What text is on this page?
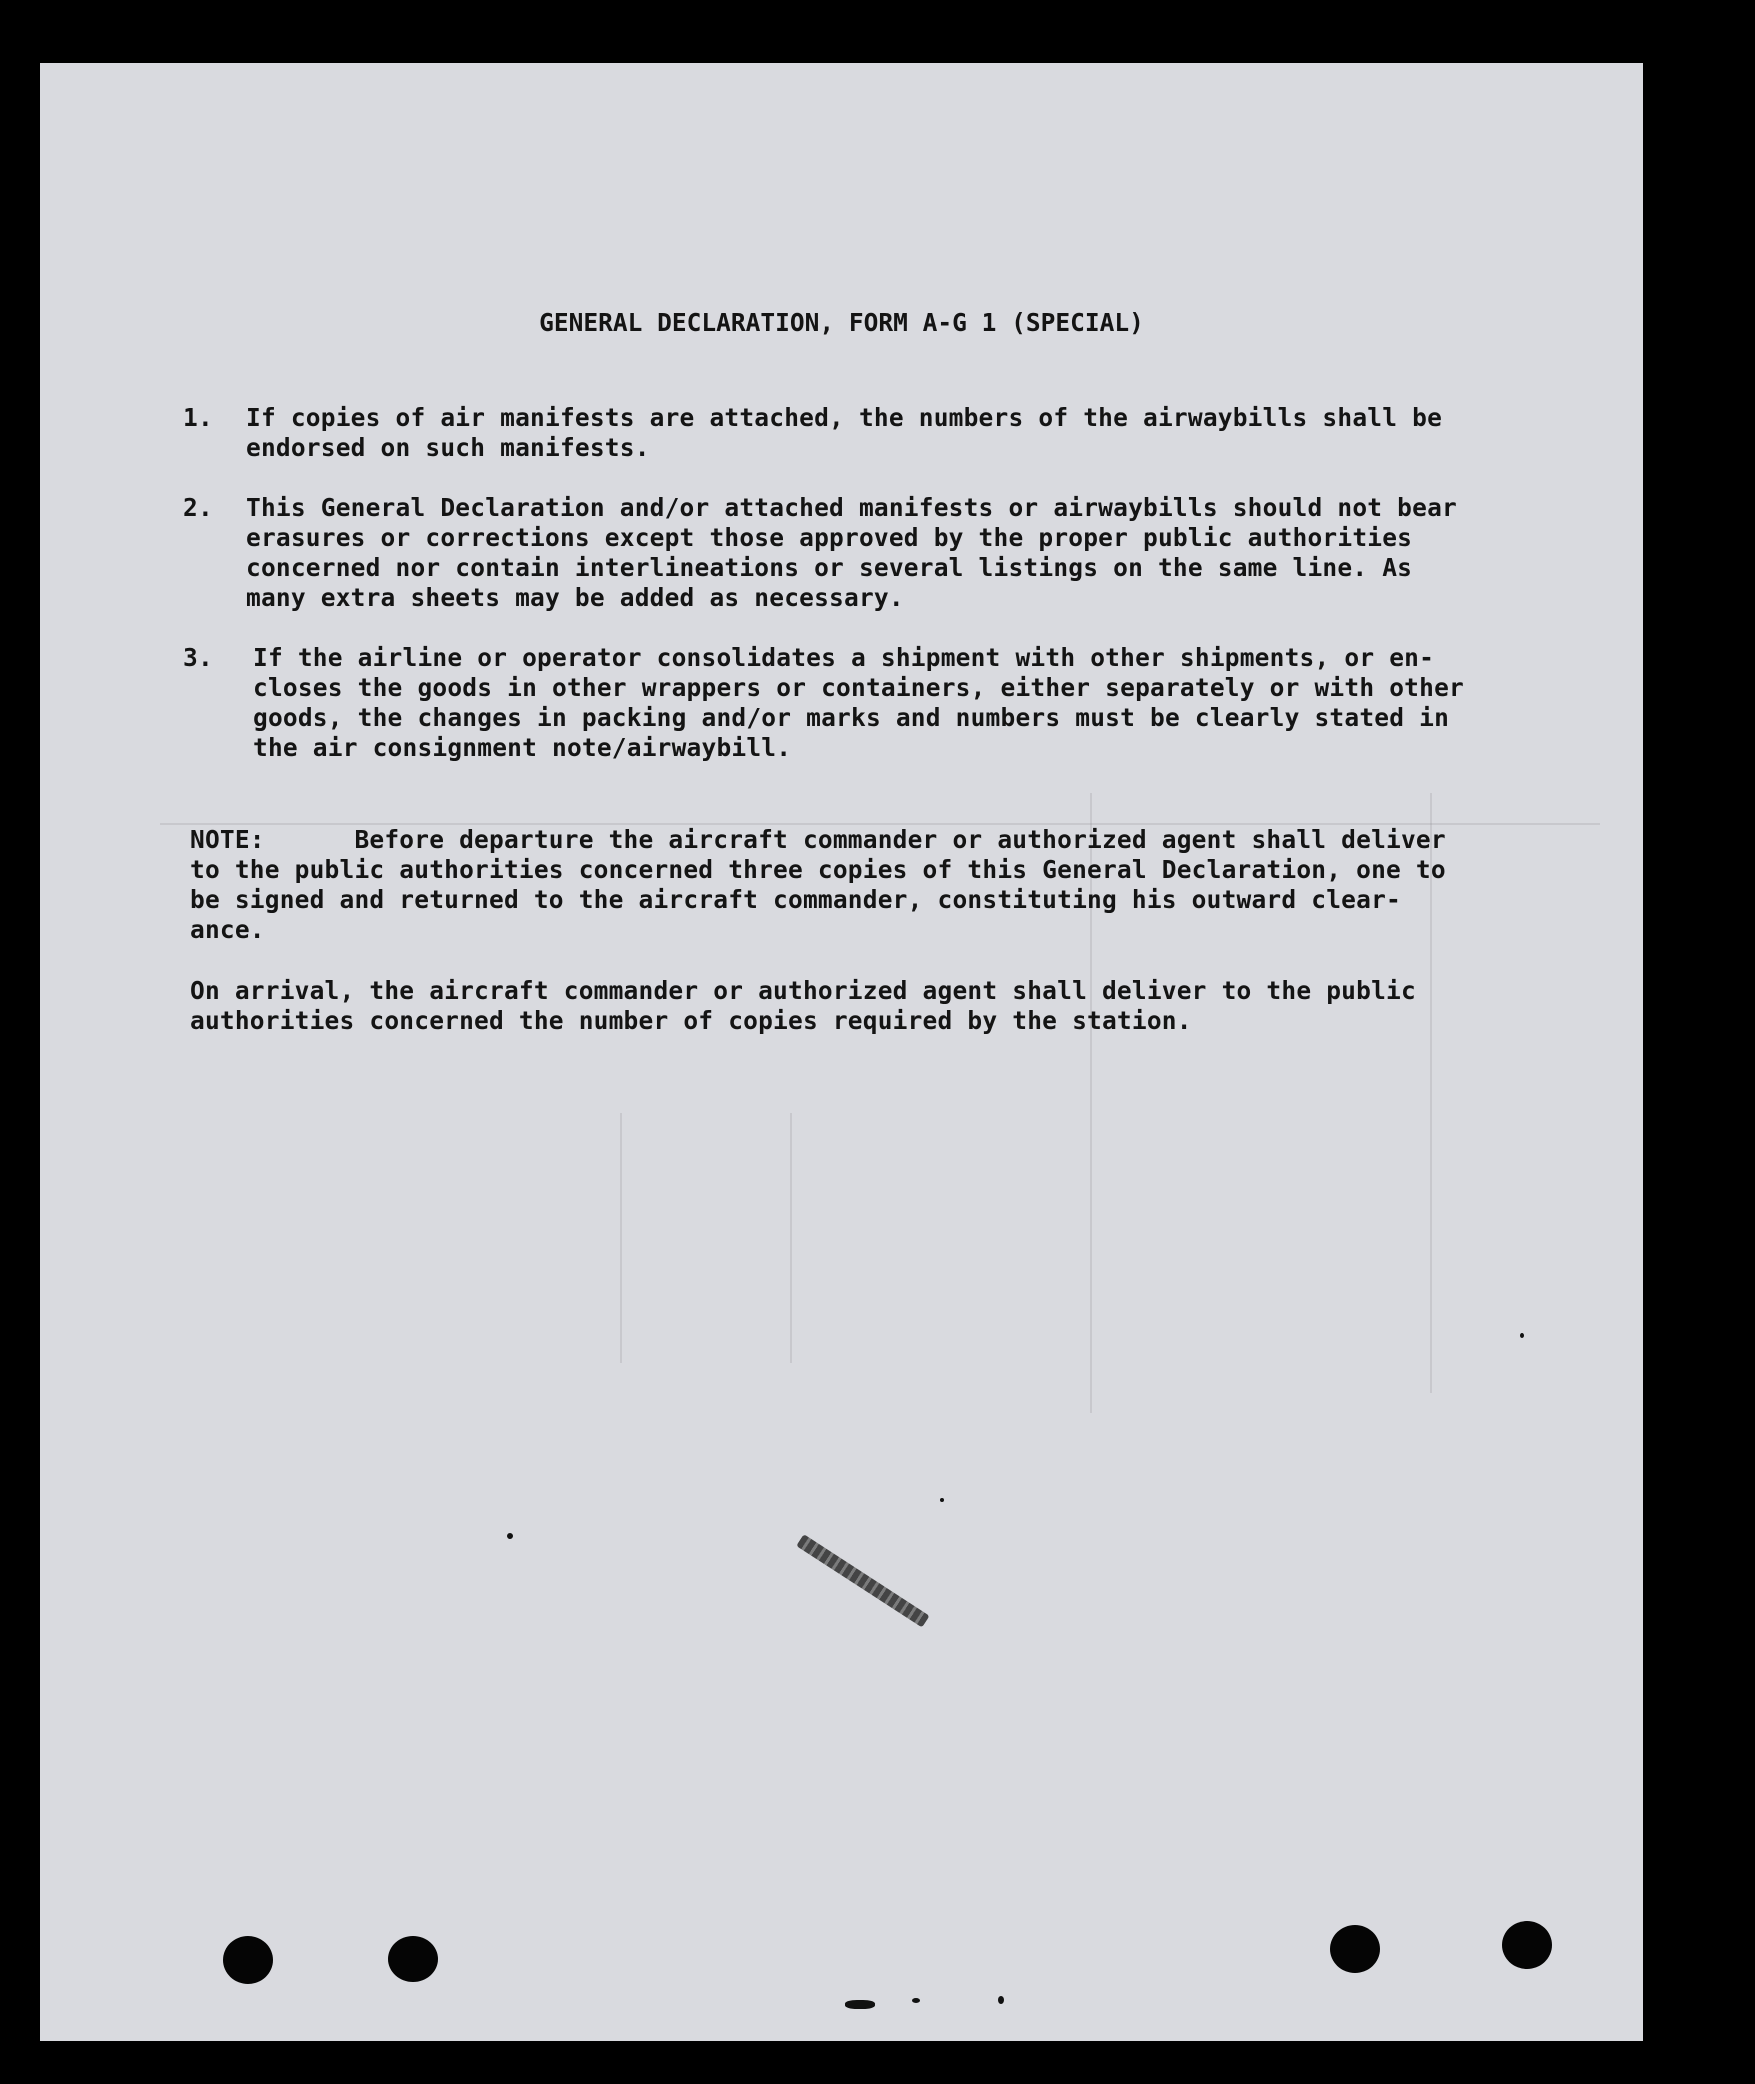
GENERAL DECLARATION, FORM A-G 1 (SPECIAL)
1. If copies of air manifests are attached, the numbers of the airwaybills shall be
endorsed on such manifests.
2. This General Declaration and/or attached manifests or airwaybills should not bear
erasures or corrections except those approved by the proper public authorities
concerned nor contain interlineations or several listings on the same line. As
many extra sheets may be added as necessary.
3. If the airline or operator consolidates a shipment with other shipments, or en-
closes the goods in other wrappers or containers, either separately or with other
goods, the changes in packing and/or marks and numbers must be clearly stated in
the air consignment note/airwaybill.
NOTE:      Before departure the aircraft commander or authorized agent shall deliver
to the public authorities concerned three copies of this General Declaration, one to
be signed and returned to the aircraft commander, constituting his outward clear-
ance.
On arrival, the aircraft commander or authorized agent shall deliver to the public
authorities concerned the number of copies required by the station.
